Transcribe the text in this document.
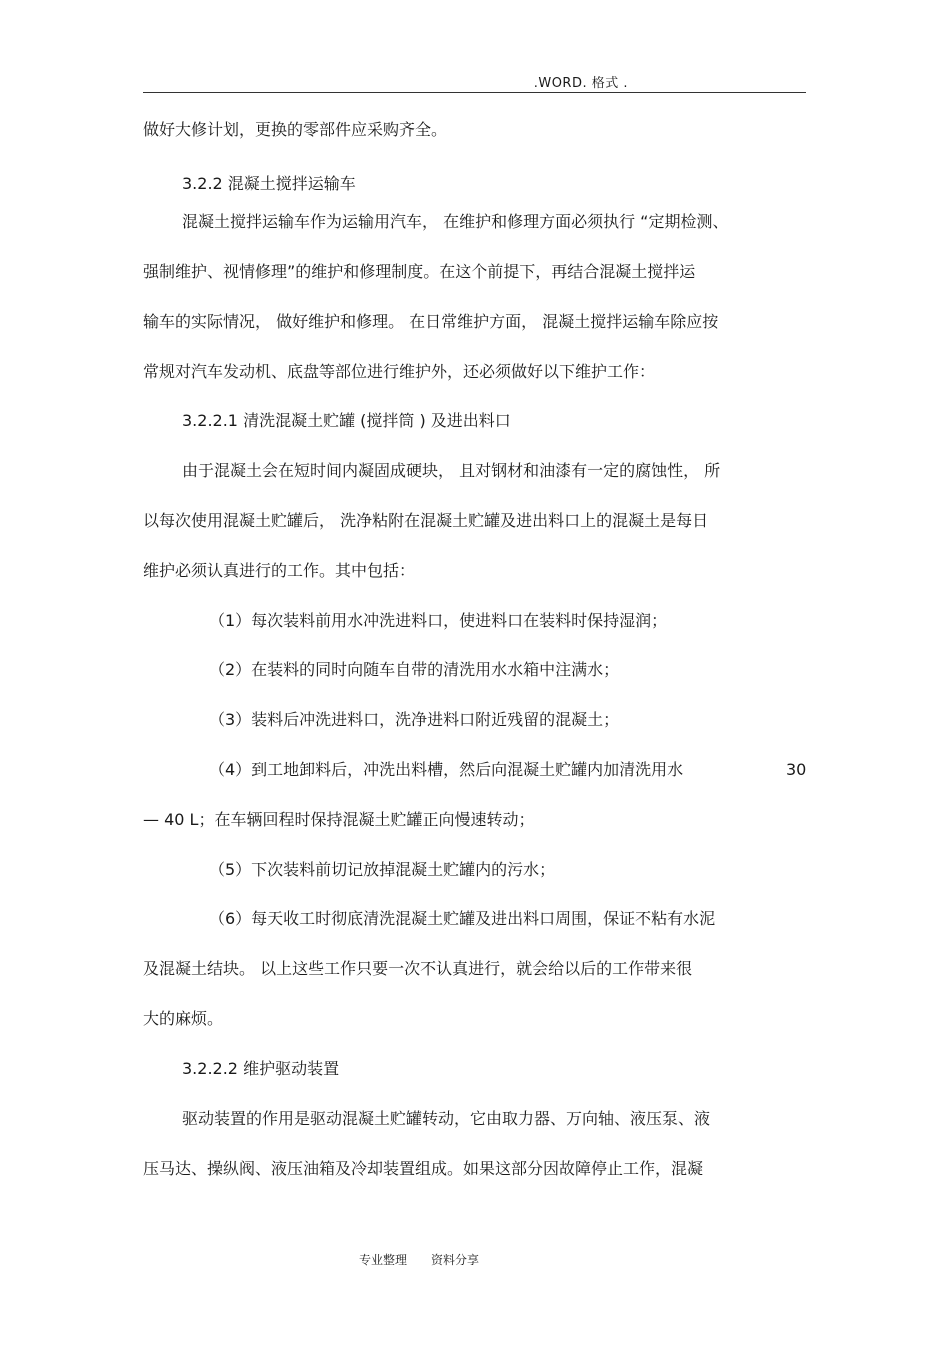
.WORD. 格式 .
做好大修计划，更换的零部件应采购齐全。
3.2.2 混凝土搅拌运输车
混凝土搅拌运输车作为运输用汽车， 在维护和修理方面必须执行 “定期检测、
强制维护、视情修理”的维护和修理制度。在这个前提下，再结合混凝土搅拌运
输车的实际情况， 做好维护和修理。 在日常维护方面， 混凝土搅拌运输车除应按
常规对汽车发动机、底盘等部位进行维护外，还必须做好以下维护工作：
3.2.2.1 清洗混凝土贮罐 (搅拌筒 ) 及进出料口
由于混凝土会在短时间内凝固成硬块， 且对钢材和油漆有一定的腐蚀性， 所
以每次使用混凝土贮罐后， 洗净粘附在混凝土贮罐及进出料口上的混凝土是每日
维护必须认真进行的工作。其中包括：
（1）每次装料前用水冲洗进料口，使进料口在装料时保持湿润；
（2）在装料的同时向随车自带的清洗用水水箱中注满水；
（3）装料后冲洗进料口，洗净进料口附近残留的混凝土；
（4）到工地卸料后，冲洗出料槽，然后向混凝土贮罐内加清洗用水	30
— 40 L；在车辆回程时保持混凝土贮罐正向慢速转动；
（5）下次装料前切记放掉混凝土贮罐内的污水；
（6）每天收工时彻底清洗混凝土贮罐及进出料口周围，保证不粘有水泥
及混凝土结块。 以上这些工作只要一次不认真进行，就会给以后的工作带来很
大的麻烦。
3.2.2.2 维护驱动装置
驱动装置的作用是驱动混凝土贮罐转动，它由取力器、万向轴、液压泵、液
压马达、操纵阀、液压油箱及冷却装置组成。如果这部分因故障停止工作，混凝
专业整理 资料分享
